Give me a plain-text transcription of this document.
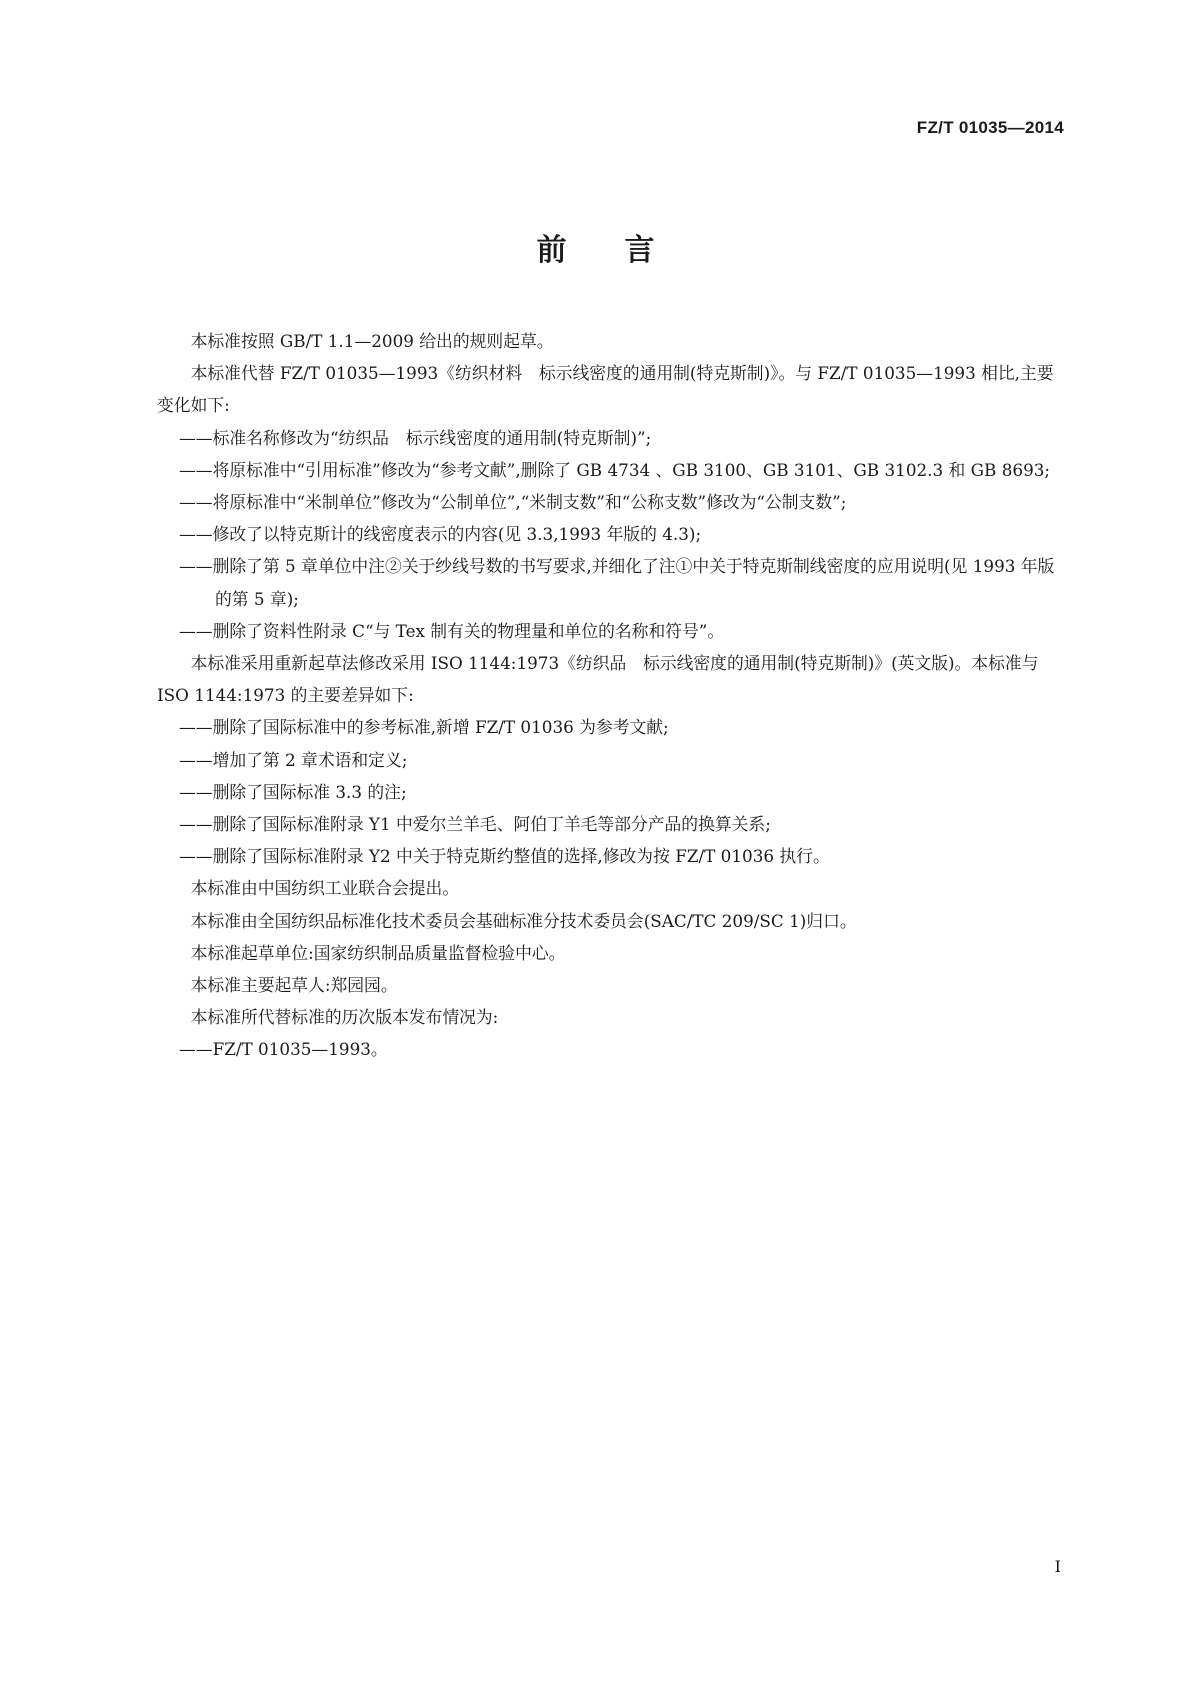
FZ/T 01035—2014
前 言

本标准按照 GB/T 1.1—2009 给出的规则起草。

本标准代替 FZ/T 01035—1993《纺织材料　标示线密度的通用制(特克斯制)》。与 FZ/T 01035—1993 相比,主要变化如下:

——标准名称修改为“纺织品　标示线密度的通用制(特克斯制)”;

——将原标准中“引用标准”修改为“参考文献”,删除了 GB 4734 、GB 3100、GB 3101、GB 3102.3 和 GB 8693;

——将原标准中“米制单位”修改为“公制单位”,“米制支数”和“公称支数”修改为“公制支数”;

——修改了以特克斯计的线密度表示的内容(见 3.3,1993 年版的 4.3);

——删除了第 5 章单位中注②关于纱线号数的书写要求,并细化了注①中关于特克斯制线密度的应用说明(见 1993 年版的第 5 章);

——删除了资料性附录 C“与 Tex 制有关的物理量和单位的名称和符号”。

本标准采用重新起草法修改采用 ISO 1144:1973《纺织品　标示线密度的通用制(特克斯制)》(英文版)。本标准与 ISO 1144:1973 的主要差异如下:

——删除了国际标准中的参考标准,新增 FZ/T 01036 为参考文献;

——增加了第 2 章术语和定义;

——删除了国际标准 3.3 的注;

——删除了国际标准附录 Y1 中爱尔兰羊毛、阿伯丁羊毛等部分产品的换算关系;

——删除了国际标准附录 Y2 中关于特克斯约整值的选择,修改为按 FZ/T 01036 执行。

本标准由中国纺织工业联合会提出。

本标准由全国纺织品标准化技术委员会基础标准分技术委员会(SAC/TC 209/SC 1)归口。

本标准起草单位:国家纺织制品质量监督检验中心。

本标准主要起草人:郑园园。

本标准所代替标准的历次版本发布情况为:

——FZ/T 01035—1993。

I
